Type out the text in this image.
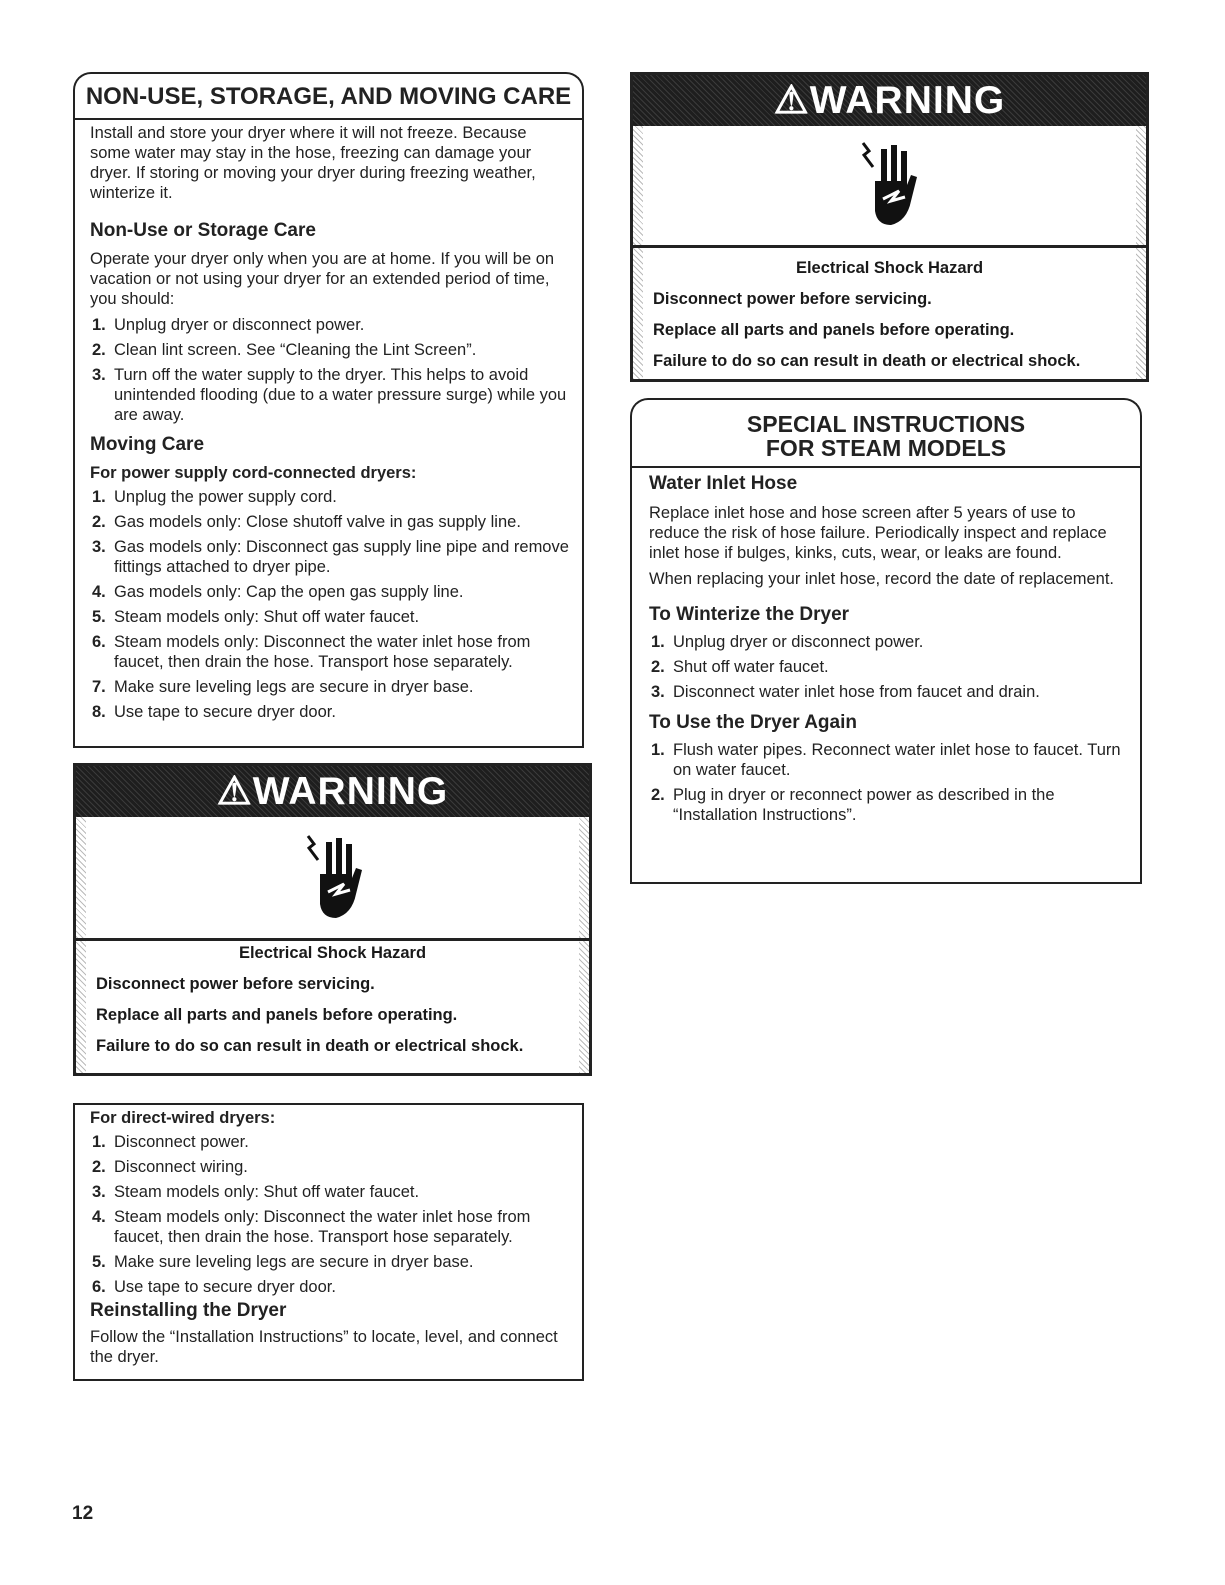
NON-USE, STORAGE, AND MOVING CARE

Install and store your dryer where it will not freeze. Because some water may stay in the hose, freezing can damage your dryer. If storing or moving your dryer during freezing weather, winterize it.

Non-Use or Storage Care

Operate your dryer only when you are at home. If you will be on vacation or not using your dryer for an extended period of time, you should:

1. Unplug dryer or disconnect power.
2. Clean lint screen. See “Cleaning the Lint Screen”.
3. Turn off the water supply to the dryer. This helps to avoid unintended flooding (due to a water pressure surge) while you are away.

Moving Care

For power supply cord-connected dryers:

1. Unplug the power supply cord.
2. Gas models only: Close shutoff valve in gas supply line.
3. Gas models only: Disconnect gas supply line pipe and remove fittings attached to dryer pipe.
4. Gas models only: Cap the open gas supply line.
5. Steam models only: Shut off water faucet.
6. Steam models only: Disconnect the water inlet hose from faucet, then drain the hose. Transport hose separately.
7. Make sure leveling legs are secure in dryer base.
8. Use tape to secure dryer door.
⚠WARNING
Electrical Shock Hazard
Disconnect power before servicing.
Replace all parts and panels before operating.
Failure to do so can result in death or electrical shock.

For direct-wired dryers:

1. Disconnect power.
2. Disconnect wiring.
3. Steam models only: Shut off water faucet.
4. Steam models only: Disconnect the water inlet hose from faucet, then drain the hose. Transport hose separately.
5. Make sure leveling legs are secure in dryer base.
6. Use tape to secure dryer door.

Reinstalling the Dryer

Follow the “Installation Instructions” to locate, level, and connect the dryer.

⚠WARNING
Electrical Shock Hazard
Disconnect power before servicing.
Replace all parts and panels before operating.
Failure to do so can result in death or electrical shock.
SPECIAL INSTRUCTIONS
FOR STEAM MODELS

Water Inlet Hose

Replace inlet hose and hose screen after 5 years of use to reduce the risk of hose failure. Periodically inspect and replace inlet hose if bulges, kinks, cuts, wear, or leaks are found.

When replacing your inlet hose, record the date of replacement.

To Winterize the Dryer

1. Unplug dryer or disconnect power.
2. Shut off water faucet.
3. Disconnect water inlet hose from faucet and drain.

To Use the Dryer Again

1. Flush water pipes. Reconnect water inlet hose to faucet. Turn on water faucet.
2. Plug in dryer or reconnect power as described in the “Installation Instructions”.
12
